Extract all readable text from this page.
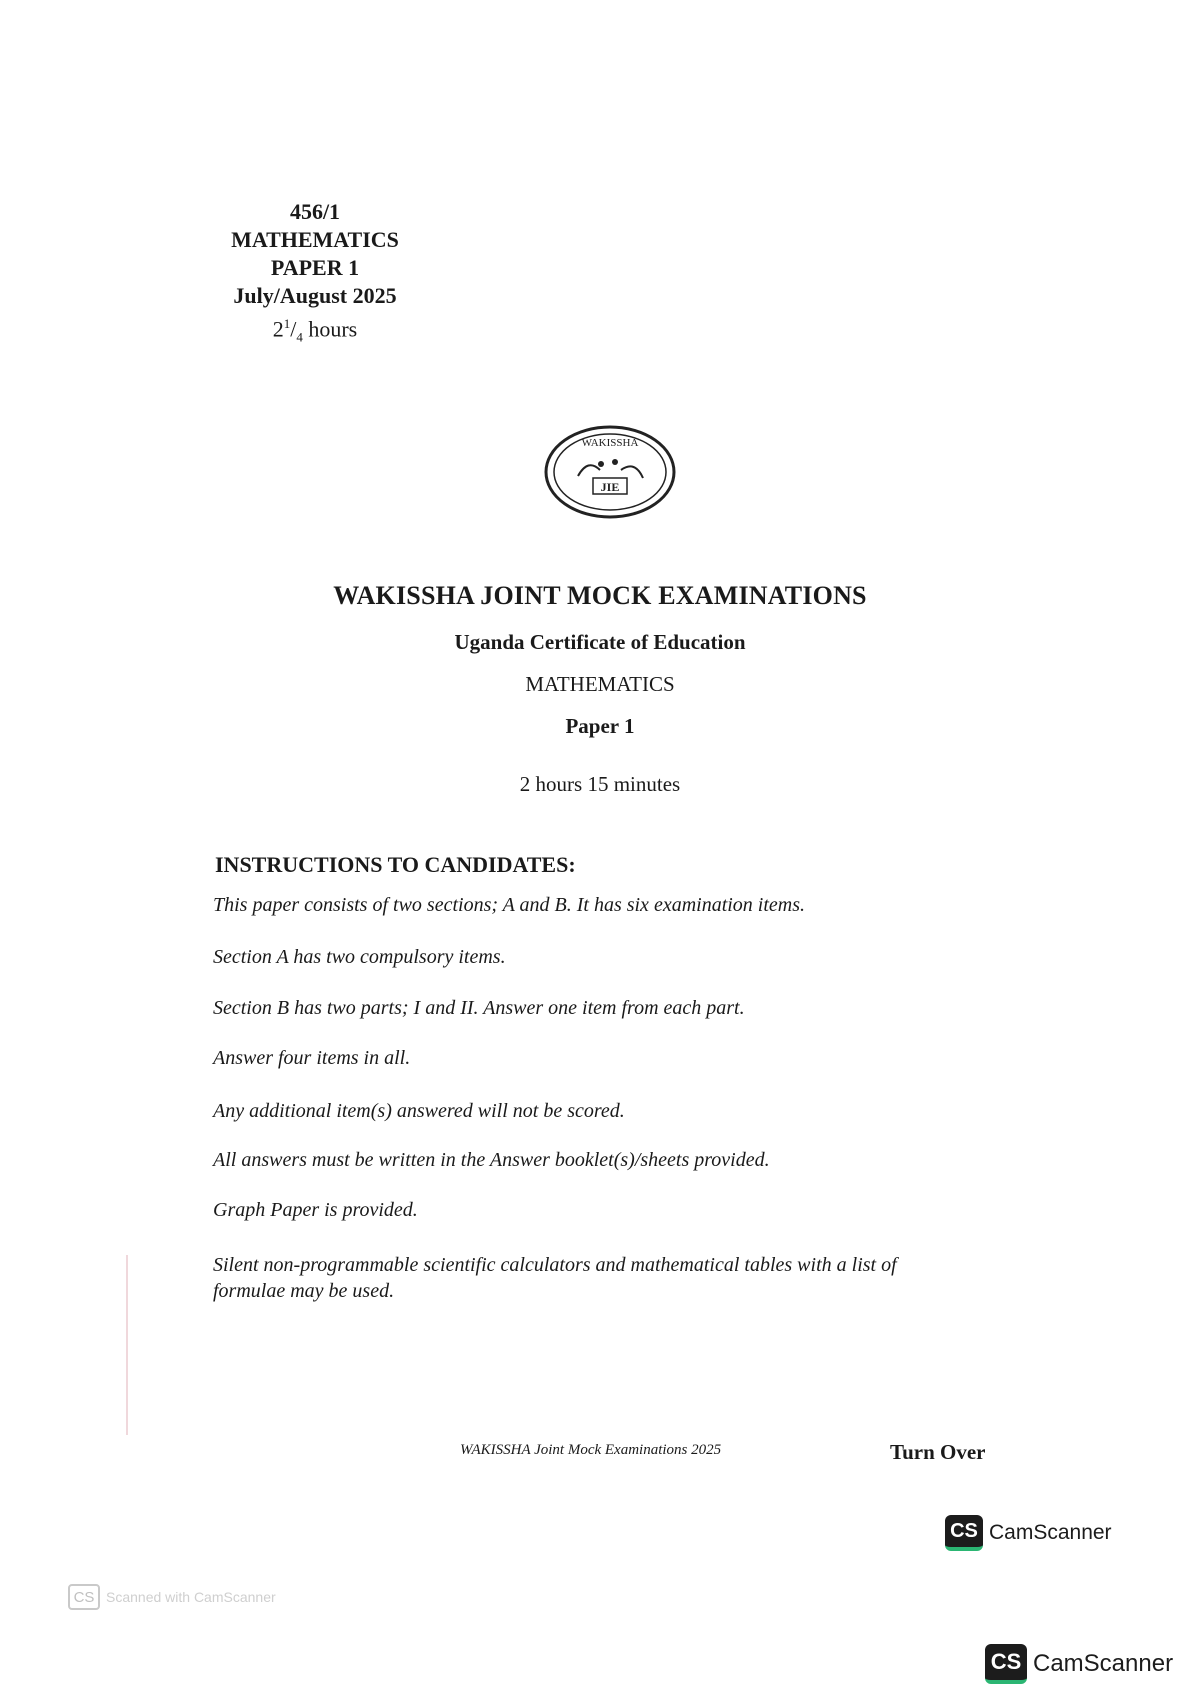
456/1
MATHEMATICS
PAPER 1
July/August 2025
$2^1/_4$ hours
WAKISSHA
JIE
WAKISSHA JOINT MOCK EXAMINATIONS
Uganda Certificate of Education
MATHEMATICS
Paper 1
2 hours 15 minutes
INSTRUCTIONS TO CANDIDATES:
This paper consists of two sections; A and B. It has six examination items.
Section A has two compulsory items.
Section B has two parts; I and II. Answer one item from each part.
Answer four items in all.
Any additional item(s) answered will not be scored.
All answers must be written in the Answer booklet(s)/sheets provided.
Graph Paper is provided.
Silent non-programmable scientific calculators and mathematical tables with a list of formulae may be used.
WAKISSHA Joint Mock Examinations 2025	Turn Over
CS CamScanner
CS Scanned with CamScanner
CS CamScanner
